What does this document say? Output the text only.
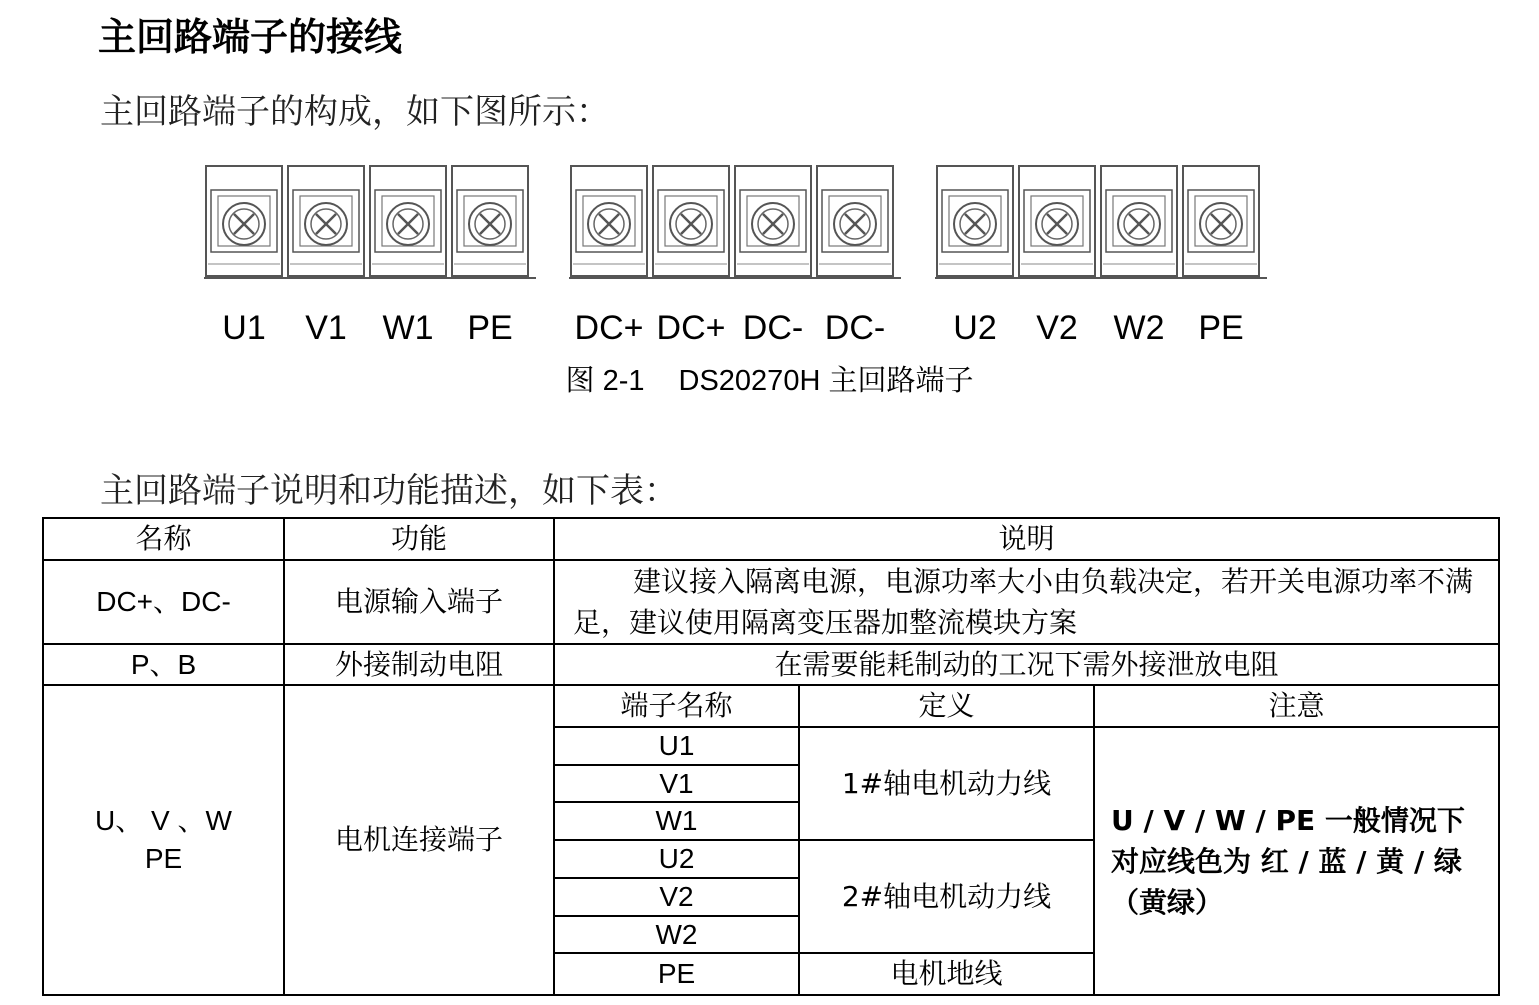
主回路端子的接线
主回路端子的构成，如下图所示：
U1	V1	W1 PE	DC+ DC+ DC- DC-	U2	V2	W2 PE
图 2-1 DS20270H 主回路端子
主回路端子说明和功能描述，如下表：
名称	功能	说明		
DC+、DC-	电源输入端子	建议接入隔离电源，电源功率大小由负载决定，若开关电源功率不满足，建议使用隔离变压器加整流模块方案		
P、B	外接制动电阻	在需要能耗制动的工况下需外接泄放电阻		

U、 V 、W
PE	电机连接端子	端子名称	定义	注意
		U1	1#轴电机动力线	U / V / W / PE 一般情况下对应线色为 红 / 蓝 / 黄 / 绿（黄绿）
		V1		
		W1		
		U2	2#轴电机动力线	
		V2		
		W2		
		PE	电机地线	
